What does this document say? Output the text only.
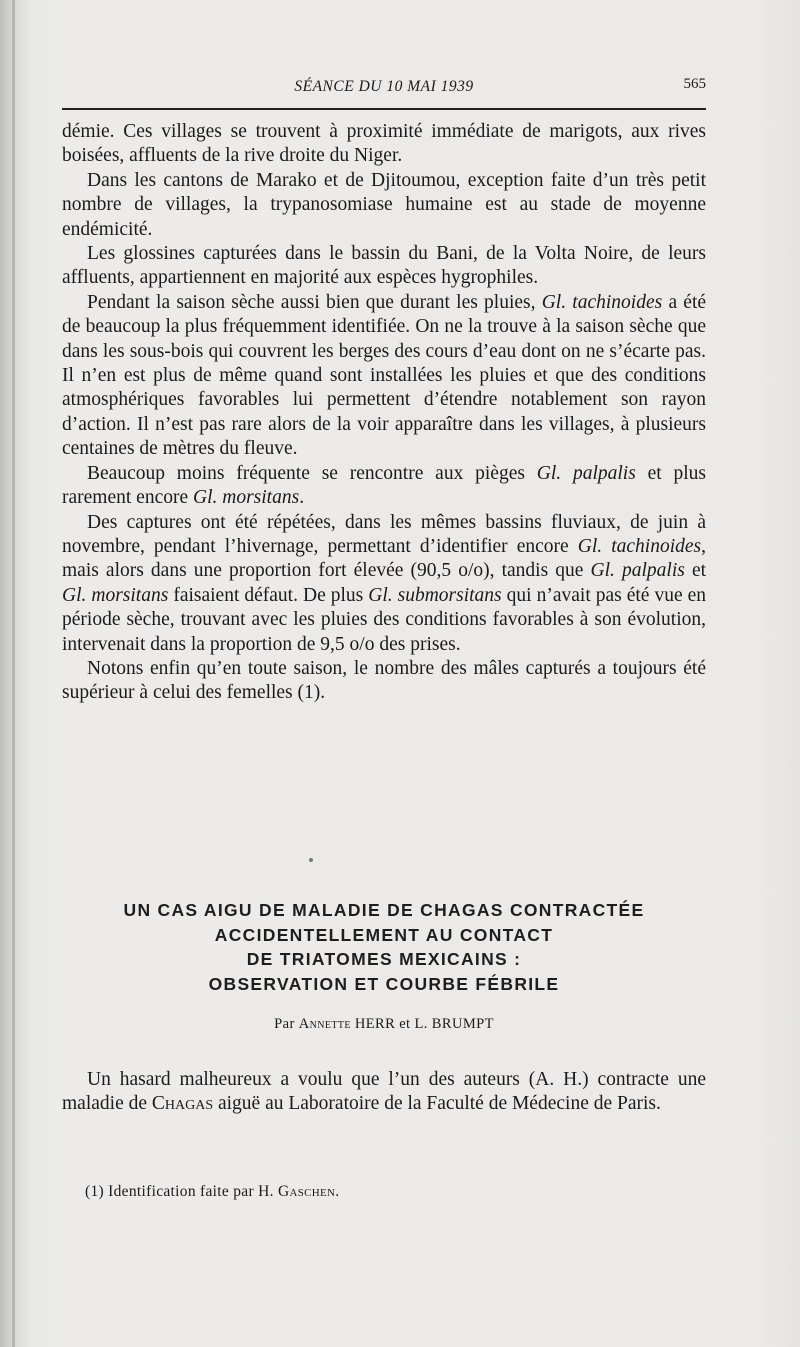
SÉANCE DU 10 MAI 1939	565

démie. Ces villages se trouvent à proximité immédiate de marigots, aux rives boisées, affluents de la rive droite du Niger.

Dans les cantons de Marako et de Djitoumou, exception faite d’un très petit nombre de villages, la trypanosomiase humaine est au stade de moyenne endémicité.

Les glossines capturées dans le bassin du Bani, de la Volta Noire, de leurs affluents, appartiennent en majorité aux espèces hygrophiles.

Pendant la saison sèche aussi bien que durant les pluies, Gl. tachinoides a été de beaucoup la plus fréquemment identifiée. On ne la trouve à la saison sèche que dans les sous-bois qui couvrent les berges des cours d’eau dont on ne s’écarte pas. Il n’en est plus de même quand sont installées les pluies et que des conditions atmosphériques favorables lui permettent d’étendre notablement son rayon d’action. Il n’est pas rare alors de la voir apparaître dans les villages, à plusieurs centaines de mètres du fleuve.

Beaucoup moins fréquente se rencontre aux pièges Gl. palpalis et plus rarement encore Gl. morsitans.

Des captures ont été répétées, dans les mêmes bassins fluviaux, de juin à novembre, pendant l’hivernage, permettant d’identifier encore Gl. tachinoides, mais alors dans une proportion fort élevée (90,5 o/o), tandis que Gl. palpalis et Gl. morsitans faisaient défaut. De plus Gl. submorsitans qui n’avait pas été vue en période sèche, trouvant avec les pluies des conditions favorables à son évolution, intervenait dans la proportion de 9,5 o/o des prises.

Notons enfin qu’en toute saison, le nombre des mâles capturés a toujours été supérieur à celui des femelles (1).

UN CAS AIGU DE MALADIE DE CHAGAS CONTRACTÉE
ACCIDENTELLEMENT AU CONTACT
DE TRIATOMES MEXICAINS :
OBSERVATION ET COURBE FÉBRILE
Par Annette HERR et L. BRUMPT

Un hasard malheureux a voulu que l’un des auteurs (A. H.) contracte une maladie de Chagas aiguë au Laboratoire de la Faculté de Médecine de Paris.

(1) Identification faite par H. Gaschen.
